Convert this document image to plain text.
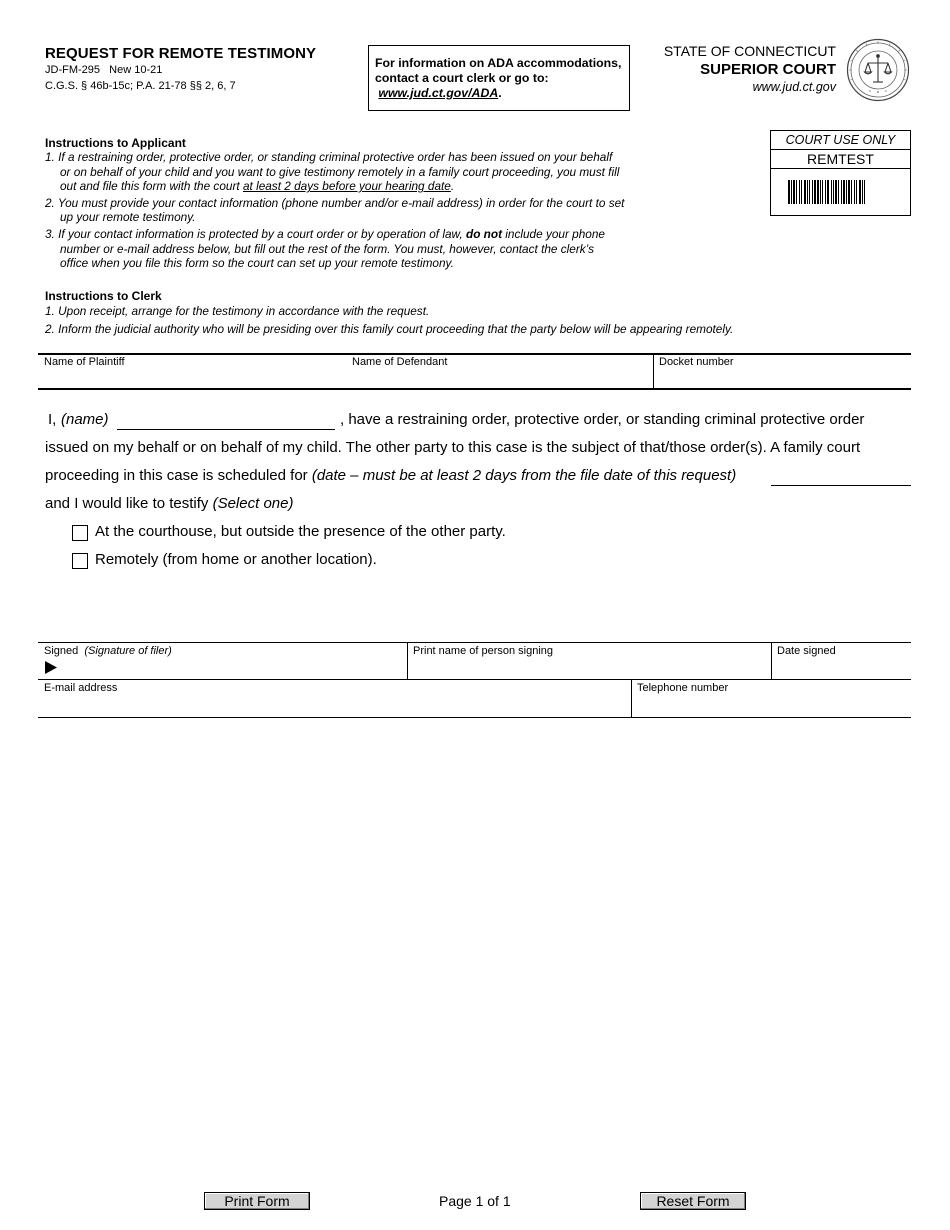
REQUEST FOR REMOTE TESTIMONY
JD-FM-295   New 10-21
C.G.S. § 46b-15c; P.A. 21-78 §§ 2, 6, 7
For information on ADA accommodations,
contact a court clerk or go to:
www.jud.ct.gov/ADA.
STATE OF CONNECTICUT
SUPERIOR COURT
www.jud.ct.gov
COURT USE ONLY
REMTEST
Instructions to Applicant
1. If a restraining order, protective order, or standing criminal protective order has been issued on your behalf or on behalf of your child and you want to give testimony remotely in a family court proceeding, you must fill out and file this form with the court at least 2 days before your hearing date.
2. You must provide your contact information (phone number and/or e-mail address) in order for the court to set up your remote testimony.
3. If your contact information is protected by a court order or by operation of law, do not include your phone number or e-mail address below, but fill out the rest of the form. You must, however, contact the clerk’s office when you file this form so the court can set up your remote testimony.
Instructions to Clerk
1. Upon receipt, arrange for the testimony in accordance with the request.
2. Inform the judicial authority who will be presiding over this family court proceeding that the party below will be appearing remotely.
Name of Plaintiff	Name of Defendant	Docket number
I, (name)	, have a restraining order, protective order, or standing criminal protective order
issued on my behalf or on behalf of my child. The other party to this case is the subject of that/those order(s). A family court
proceeding in this case is scheduled for (date – must be at least 2 days from the file date of this request)
and I would like to testify (Select one)
At the courthouse, but outside the presence of the other party.
Remotely (from home or another location).
Signed (Signature of filer)	Print name of person signing	Date signed
E-mail address	Telephone number
Print Form	Page 1 of 1	Reset Form
